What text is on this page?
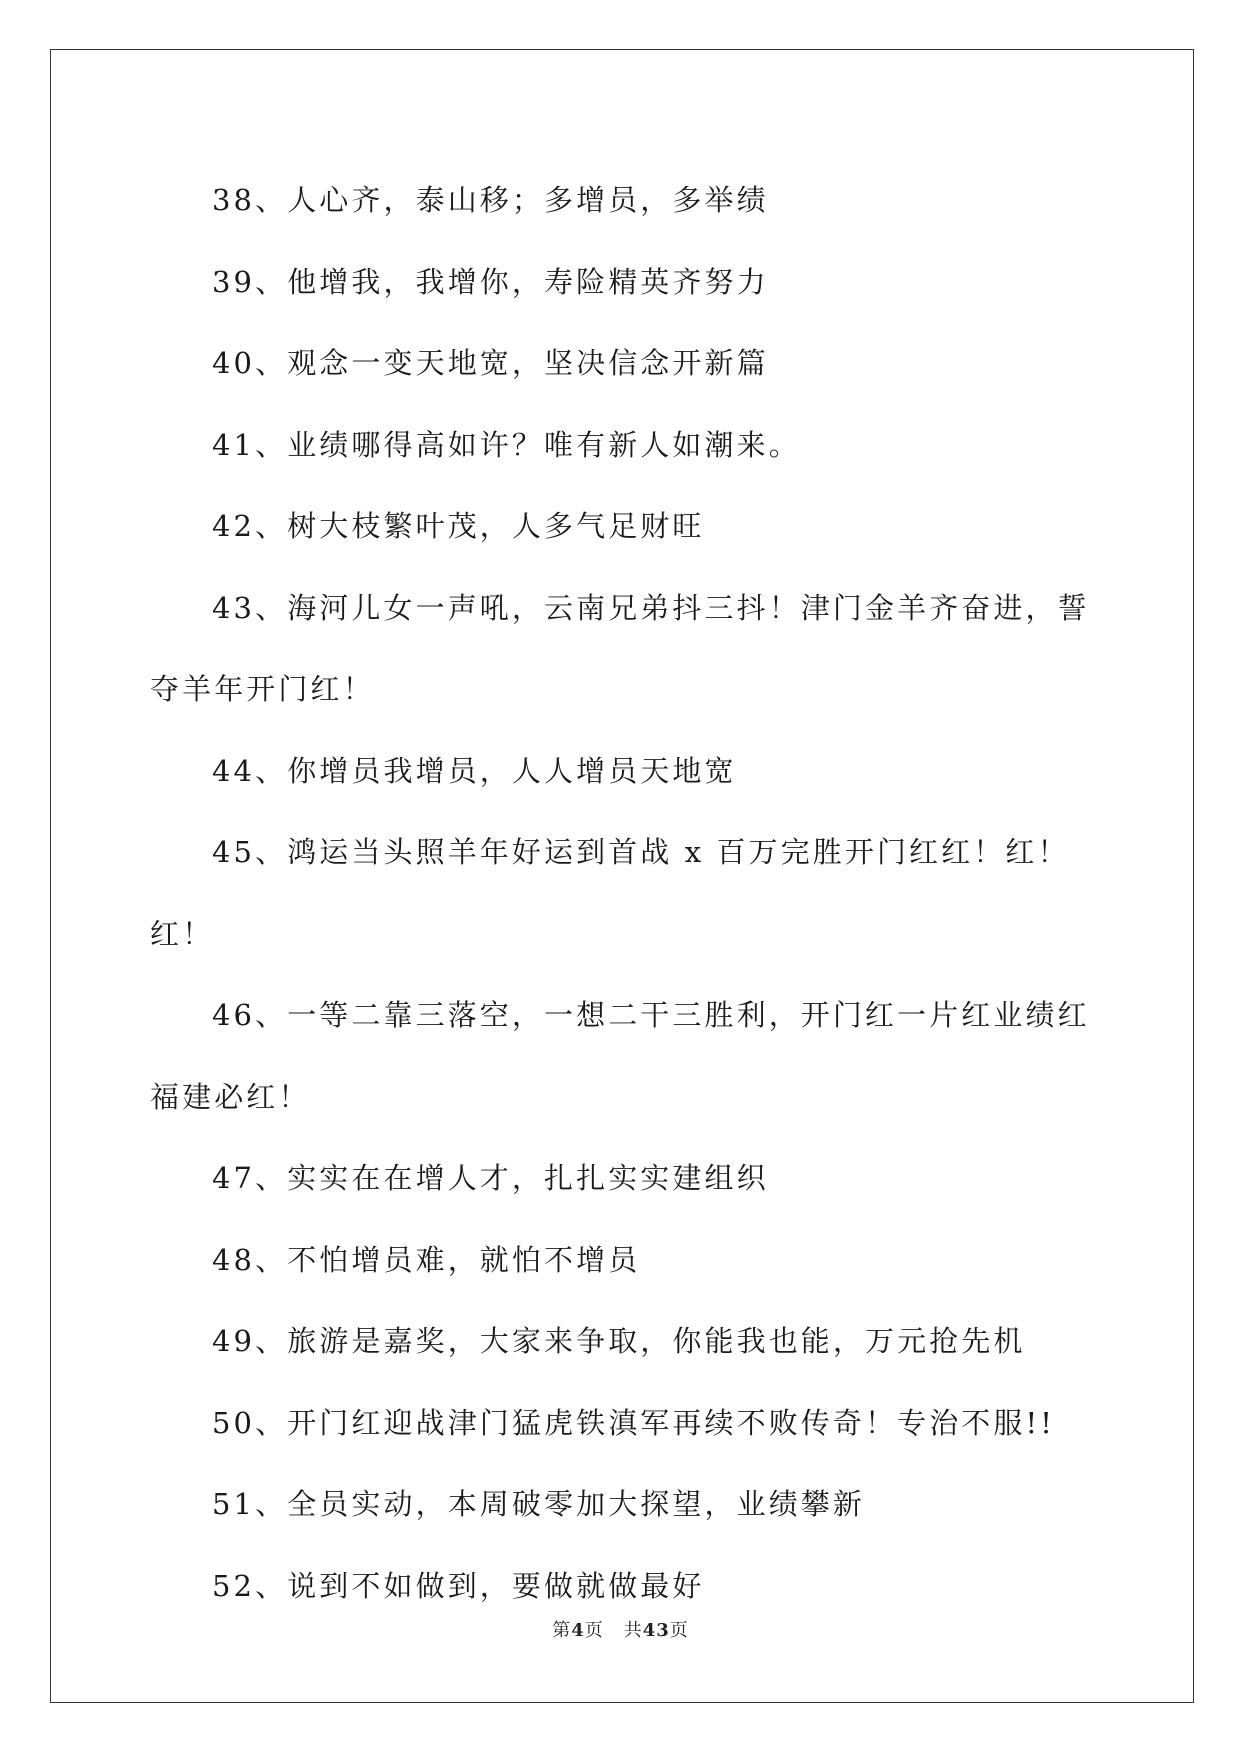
38、人心齐，泰山移；多增员，多举绩

39、他增我，我增你，寿险精英齐努力

40、观念一变天地宽，坚决信念开新篇

41、业绩哪得高如许？唯有新人如潮来。

42、树大枝繁叶茂，人多气足财旺

43、海河儿女一声吼，云南兄弟抖三抖！津门金羊齐奋进，誓夺羊年开门红！

44、你增员我增员，人人增员天地宽

45、鸿运当头照羊年好运到首战 x 百万完胜开门红红！红！红！

46、一等二靠三落空，一想二干三胜利，开门红一片红业绩红福建必红！

47、实实在在增人才，扎扎实实建组织

48、不怕增员难，就怕不增员

49、旅游是嘉奖，大家来争取，你能我也能，万元抢先机

50、开门红迎战津门猛虎铁滇军再续不败传奇！专治不服!!

51、全员实动，本周破零加大探望，业绩攀新

52、说到不如做到，要做就做最好

第4页 共43页
